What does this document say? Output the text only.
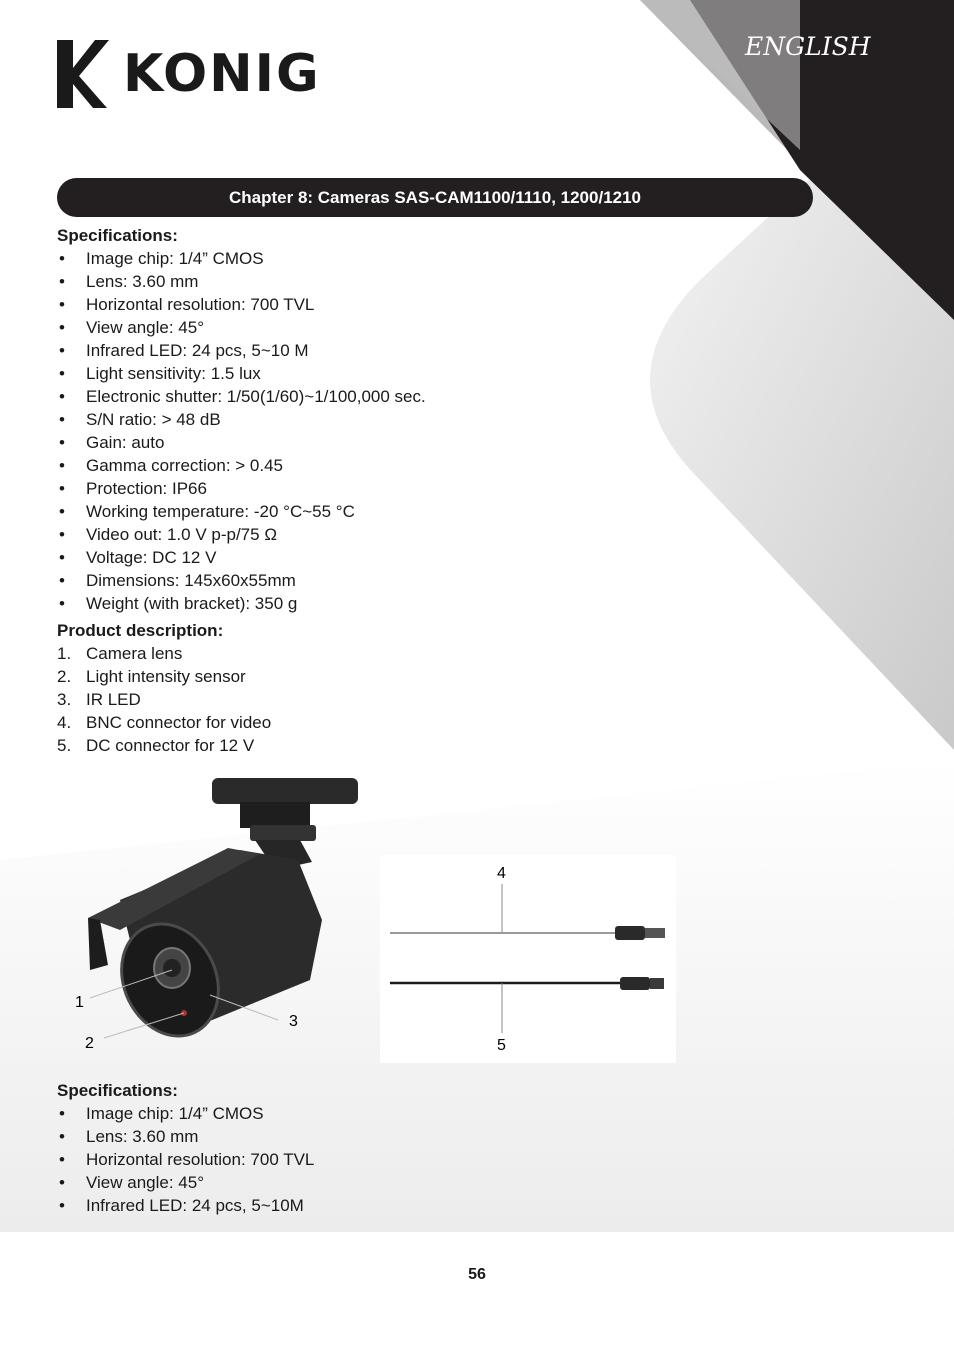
KONIG	ENGLISH
Chapter 8: Cameras SAS-CAM1100/1110, 1200/1210

Specifications:

• Image chip: 1/4” CMOS
• Lens: 3.60 mm
• Horizontal resolution: 700 TVL
• View angle: 45°
• Infrared LED: 24 pcs, 5~10 M
• Light sensitivity: 1.5 lux
• Electronic shutter: 1/50(1/60)~1/100,000 sec.
• S/N ratio: > 48 dB
• Gain: auto
• Gamma correction: > 0.45
• Protection: IP66
• Working temperature: -20 °C~55 °C
• Video out: 1.0 V p-p/75 Ω
• Voltage: DC 12 V
• Dimensions: 145x60x55mm
• Weight (with bracket): 350 g

Product description:

1. Camera lens
2. Light intensity sensor
3. IR LED
4. BNC connector for video
5. DC connector for 12 V
1
2
3
4
5

Specifications:

• Image chip: 1/4” CMOS
• Lens: 3.60 mm
• Horizontal resolution: 700 TVL
• View angle: 45°
• Infrared LED: 24 pcs, 5~10M
56
